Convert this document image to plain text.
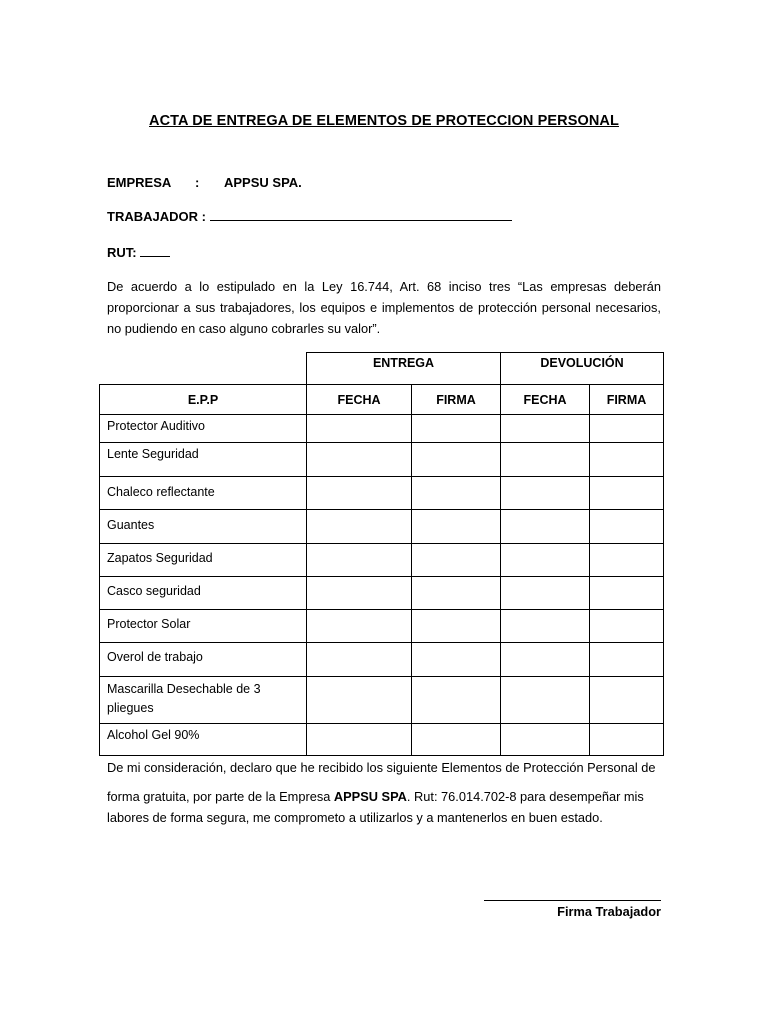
ACTA DE ENTREGA DE ELEMENTOS DE PROTECCION PERSONAL
EMPRESA : APPSU SPA.
TRABAJADOR :
RUT:
De acuerdo a lo estipulado en la Ley 16.744, Art. 68 inciso tres “Las empresas deberán proporcionar a sus trabajadores, los equipos e implementos de protección personal necesarios, no pudiendo en caso alguno cobrarles su valor”.
	ENTREGA		DEVOLUCIÓN	
E.P.P	FECHA	FIRMA	FECHA	FIRMA
Protector Auditivo				
Lente Seguridad				
Chaleco reflectante				
Guantes				
Zapatos Seguridad				
Casco seguridad				
Protector Solar				
Overol de trabajo				
Mascarilla Desechable de 3 pliegues				
Alcohol Gel 90%				
De mi consideración, declaro que he recibido los siguiente Elementos de Protección Personal de
forma gratuita, por parte de la Empresa APPSU SPA. Rut: 76.014.702-8 para desempeñar mis
labores de forma segura, me comprometo a utilizarlos y a mantenerlos en buen estado.
Firma Trabajador
